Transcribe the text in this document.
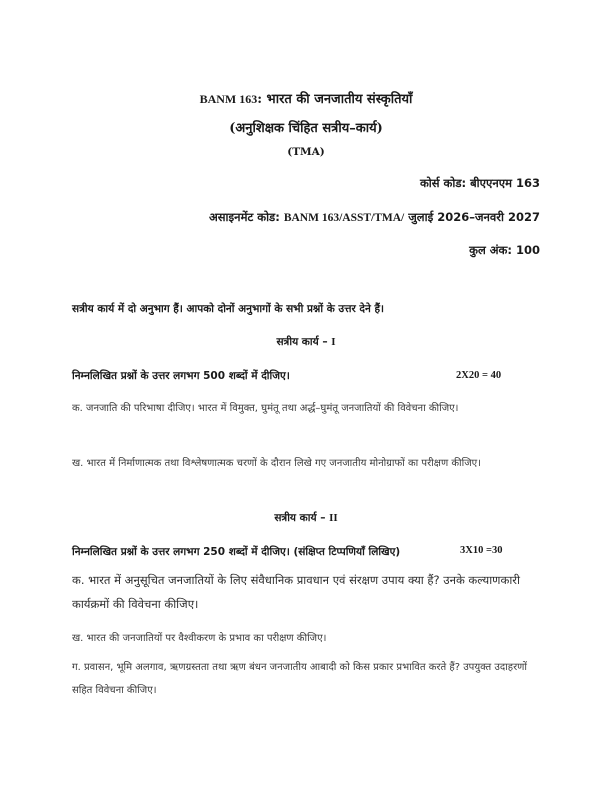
BANM 163: भारत की जनजातीय संस्कृतियाँ
(अनुशिक्षक चिंहित सत्रीय–कार्य)
(TMA)
कोर्स कोड: बीएएनएम 163
असाइनमेंट कोड: BANM 163/ASST/TMA/ जुलाई 2026–जनवरी 2027
कुल अंक: 100
सत्रीय कार्य में दो अनुभाग हैं। आपको दोनों अनुभागों के सभी प्रश्नों के उत्तर देने हैं।
सत्रीय कार्य – I
निम्नलिखित प्रश्नों के उत्तर लगभग 500 शब्दों में दीजिए।	2X20 = 40
क. जनजाति की परिभाषा दीजिए। भारत में विमुक्त, घुमंतू तथा अर्द्ध–घुमंतू जनजातियों की विवेचना कीजिए।
ख. भारत में निर्माणात्मक तथा विश्लेषणात्मक चरणों के दौरान लिखे गए जनजातीय मोनोग्राफों का परीक्षण कीजिए।
सत्रीय कार्य – II
निम्नलिखित प्रश्नों के उत्तर लगभग 250 शब्दों में दीजिए। (संक्षिप्त टिप्पणियाँ लिखिए)	3X10 =30
क. भारत में अनुसूचित जनजातियों के लिए संवैधानिक प्रावधान एवं संरक्षण उपाय क्या हैं? उनके कल्याणकारी कार्यक्रमों की विवेचना कीजिए।
ख. भारत की जनजातियों पर वैश्वीकरण के प्रभाव का परीक्षण कीजिए।
ग. प्रवासन, भूमि अलगाव, ऋणग्रस्तता तथा ऋण बंधन जनजातीय आबादी को किस प्रकार प्रभावित करते हैं? उपयुक्त उदाहरणों सहित विवेचना कीजिए।
